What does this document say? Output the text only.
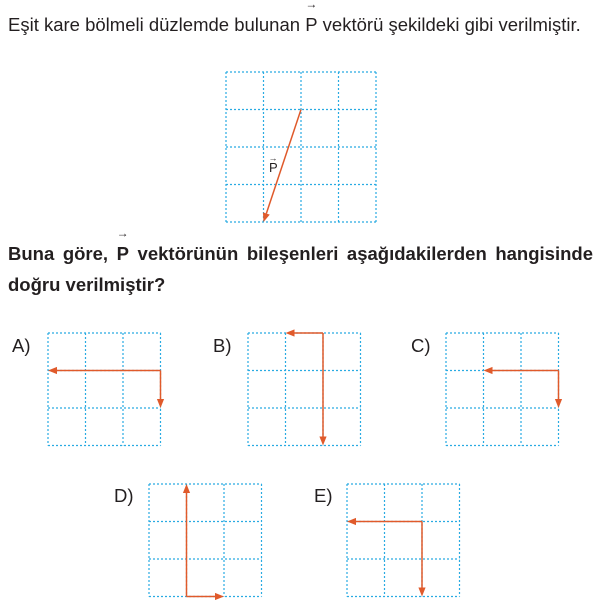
Eşit kare bölmeli düzlemde bulunan
→
P vektörü şekildeki gibi verilmiştir.
P
→
Buna göre,
→
P vektörünün bileşenleri aşağıdakilerden hangisinde doğru verilmiştir?
A)	B)	C)
D)	E)
